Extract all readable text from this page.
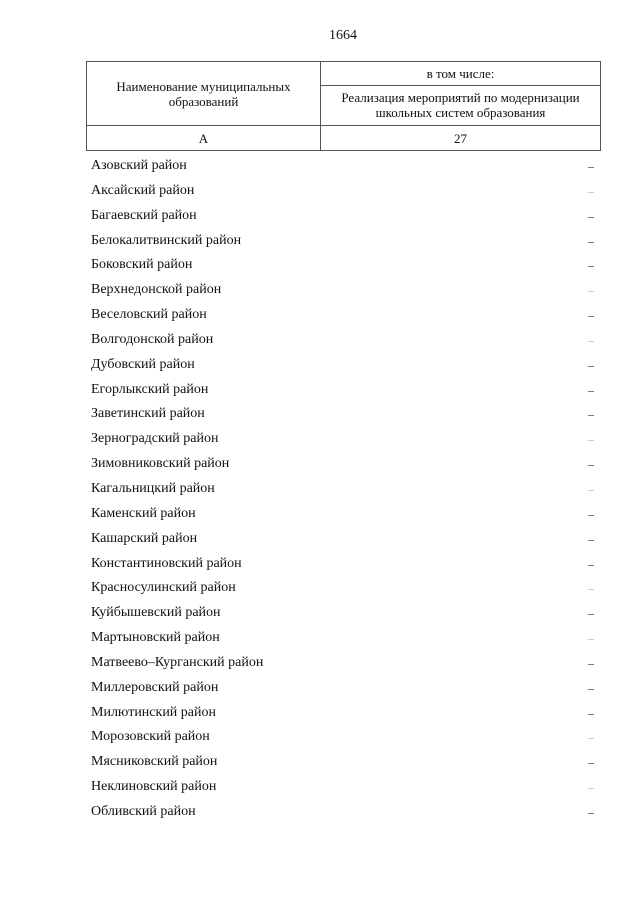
1664
Наименование муниципальных образований	в том числе:
	Реализация мероприятий по модернизации школьных систем образования
А	27
Азовский район	–
Аксайский район	–
Багаевский район	–
Белокалитвинский район	–
Боковский район	–
Верхнедонской район	–
Веселовский район	–
Волгодонской район	–
Дубовский район	–
Егорлыкский район	–
Заветинский район	–
Зерноградский район	–
Зимовниковский район	–
Кагальницкий район	–
Каменский район	–
Кашарский район	–
Константиновский район	–
Красносулинский район	–
Куйбышевский район	–
Мартыновский район	–
Матвеево–Курганский район	–
Миллеровский район	–
Милютинский район	–
Морозовский район	–
Мясниковский район	–
Неклиновский район	–
Обливский район	–
